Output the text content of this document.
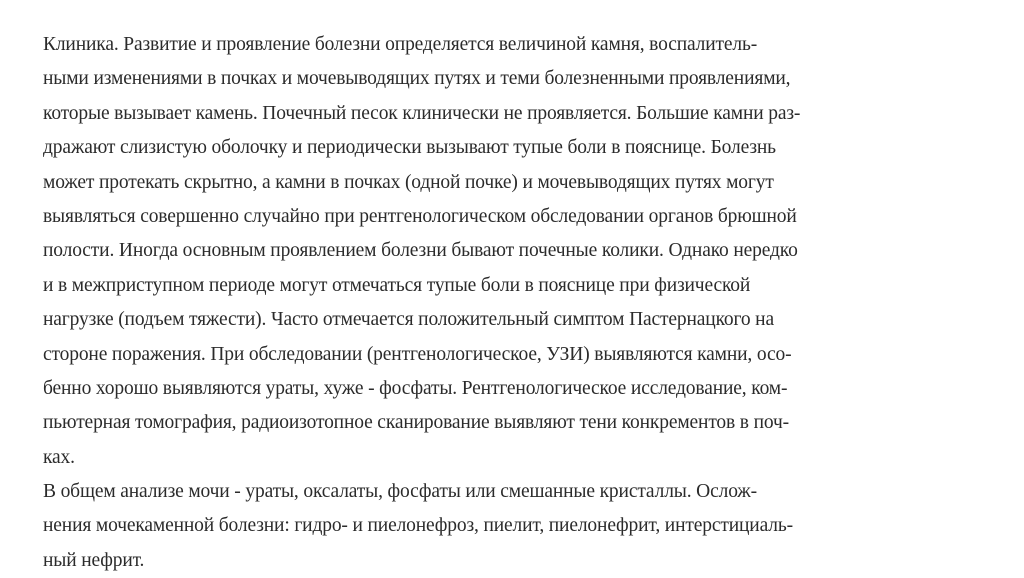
Клиника. Развитие и проявление болезни определяется величиной камня, воспалитель-
ными изменениями в почках и мочевыводящих путях и теми болезненными проявлениями,
которые вызывает камень. Почечный песок клинически не проявляется. Большие камни раз-
дражают слизистую оболочку и периодически вызывают тупые боли в пояснице. Болезнь
может протекать скрытно, а камни в почках (одной почке) и мочевыводящих путях могут
выявляться совершенно случайно при рентгенологическом обследовании органов брюшной
полости. Иногда основным проявлением болезни бывают почечные колики. Однако нередко
и в межприступном периоде могут отмечаться тупые боли в пояснице при физической
нагрузке (подъем тяжести). Часто отмечается положительный симптом Пастернацкого на
стороне поражения. При обследовании (рентгенологическое, УЗИ) выявляются камни, осо-
бенно хорошо выявляются ураты, хуже - фосфаты. Рентгенологическое исследование, ком-
пьютерная томография, радиоизотопное сканирование выявляют тени конкрементов в поч-
ках.
В общем анализе мочи - ураты, оксалаты, фосфаты или смешанные кристаллы. Ослож-
нения мочекаменной болезни: гидро- и пиелонефроз, пиелит, пиелонефрит, интерстициаль-
ный нефрит.
